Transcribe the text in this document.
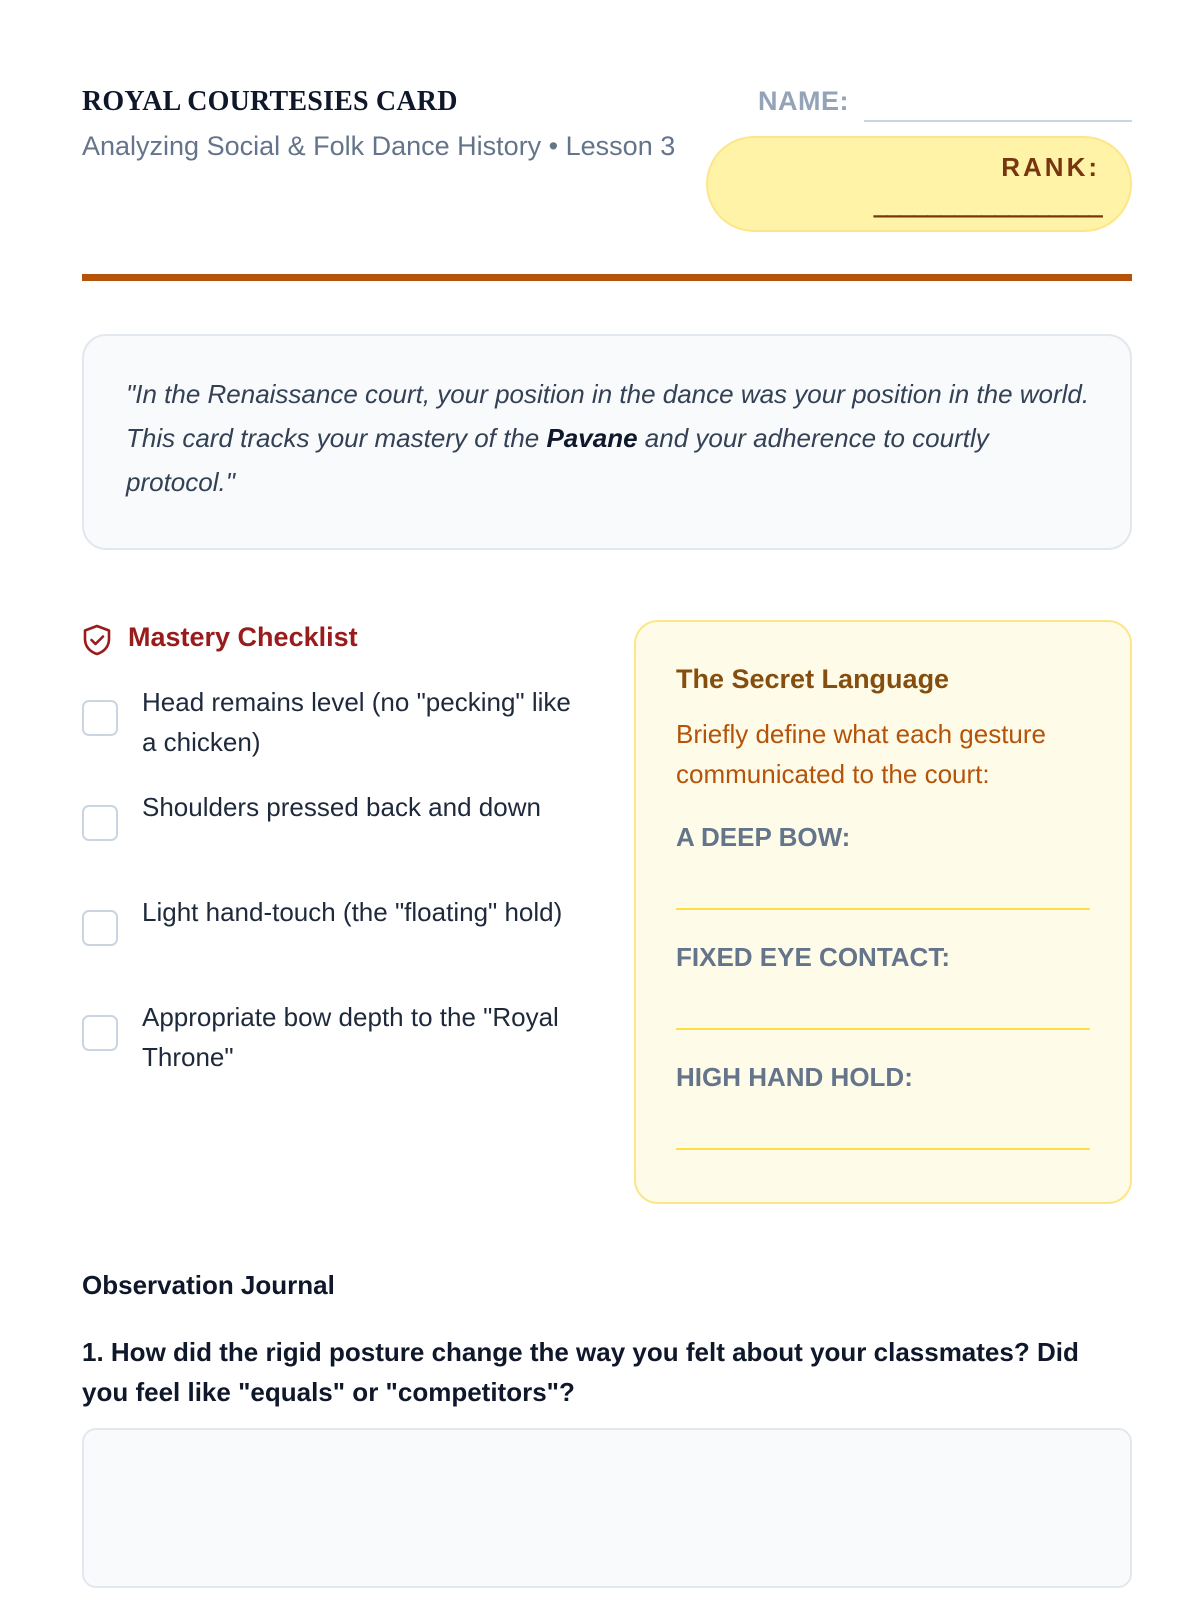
ROYAL COURTESIES CARD
Analyzing Social & Folk Dance History • Lesson 3
NAME:
RANK:
_________________
"In the Renaissance court, your position in the dance was your position in the world. This card tracks your mastery of the Pavane and your adherence to courtly protocol."
Mastery Checklist
Head remains level (no "pecking" like a chicken)
Shoulders pressed back and down
Light hand-touch (the "floating" hold)
Appropriate bow depth to the "Royal Throne"
The Secret Language
Briefly define what each gesture communicated to the court:
A DEEP BOW:
FIXED EYE CONTACT:
HIGH HAND HOLD:
Observation Journal
1. How did the rigid posture change the way you felt about your classmates? Did you feel like "equals" or "competitors"?
